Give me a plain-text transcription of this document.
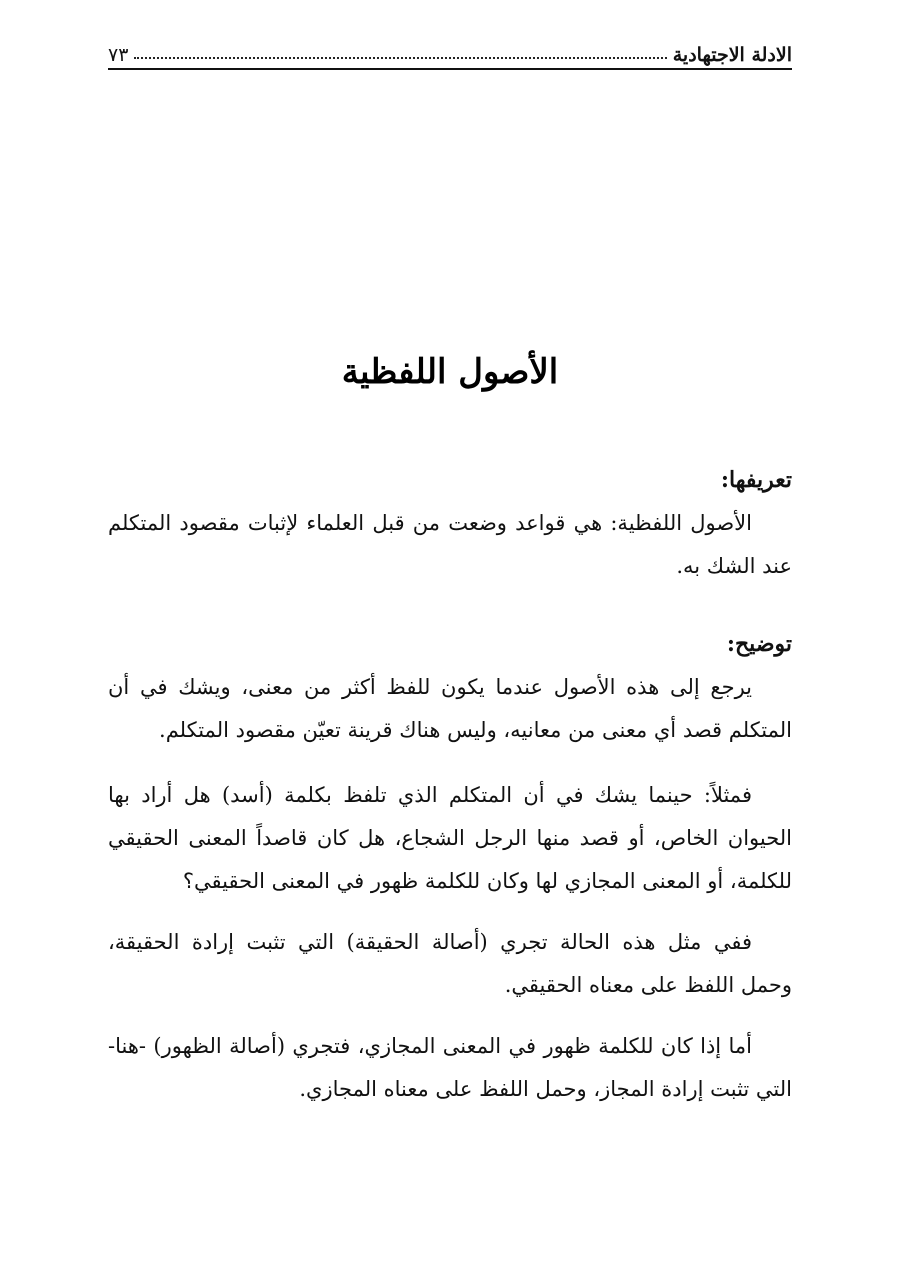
الادلة الاجتهادية
٧٣
الأصول اللفظية

تعريفها:

الأصول اللفظية: هي قواعد وضعت من قبل العلماء لإثبات مقصود المتكلم عند الشك به.

توضيح:

يرجع إلى هذه الأصول عندما يكون للفظ أكثر من معنى، ويشك في أن المتكلم قصد أي معنى من معانيه، وليس هناك قرينة تعيّن مقصود المتكلم.

فمثلاً: حينما يشك في أن المتكلم الذي تلفظ بكلمة (أسد) هل أراد بها الحيوان الخاص، أو قصد منها الرجل الشجاع، هل كان قاصداً المعنى الحقيقي للكلمة، أو المعنى المجازي لها وكان للكلمة ظهور في المعنى الحقيقي؟

ففي مثل هذه الحالة تجري (أصالة الحقيقة) التي تثبت إرادة الحقيقة، وحمل اللفظ على معناه الحقيقي.

أما إذا كان للكلمة ظهور في المعنى المجازي، فتجري (أصالة الظهور) -هنا- التي تثبت إرادة المجاز، وحمل اللفظ على معناه المجازي.
